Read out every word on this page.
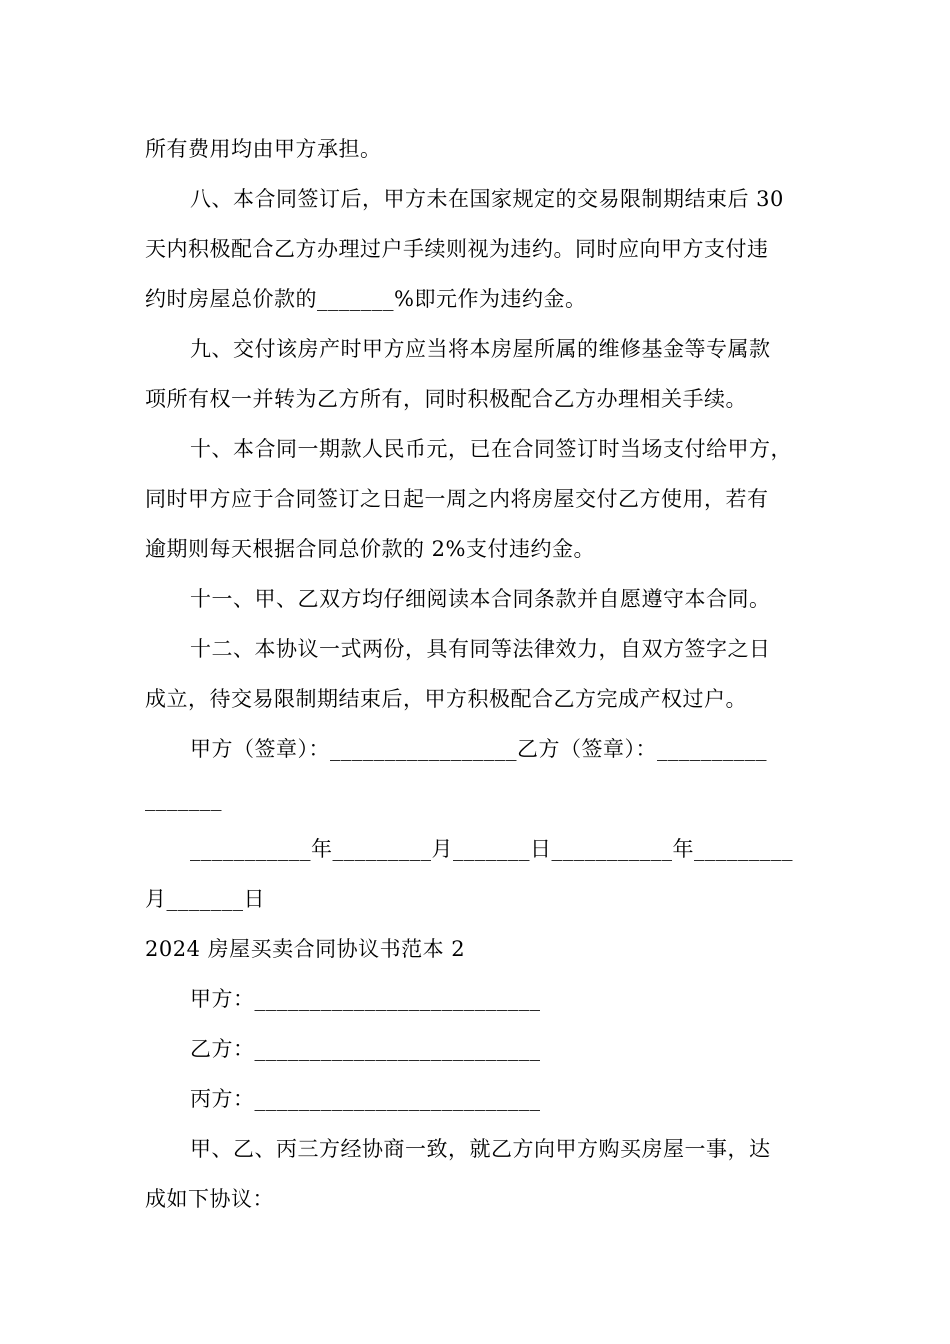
所有费用均由甲方承担。
八、本合同签订后，甲方未在国家规定的交易限制期结束后 30
天内积极配合乙方办理过户手续则视为违约。同时应向甲方支付违
约时房屋总价款的_______%即元作为违约金。
九、交付该房产时甲方应当将本房屋所属的维修基金等专属款
项所有权一并转为乙方所有，同时积极配合乙方办理相关手续。
十、本合同一期款人民币元，已在合同签订时当场支付给甲方，
同时甲方应于合同签订之日起一周之内将房屋交付乙方使用，若有
逾期则每天根据合同总价款的 2%支付违约金。
十一、甲、乙双方均仔细阅读本合同条款并自愿遵守本合同。
十二、本协议一式两份，具有同等法律效力，自双方签字之日
成立，待交易限制期结束后，甲方积极配合乙方完成产权过户。
甲方（签章）：_________________乙方（签章）：__________
_______
___________年_________月_______日___________年_________
月_______日
2024 房屋买卖合同协议书范本 2
甲方：__________________________
乙方：__________________________
丙方：__________________________
甲、乙、丙三方经协商一致，就乙方向甲方购买房屋一事，达
成如下协议：
